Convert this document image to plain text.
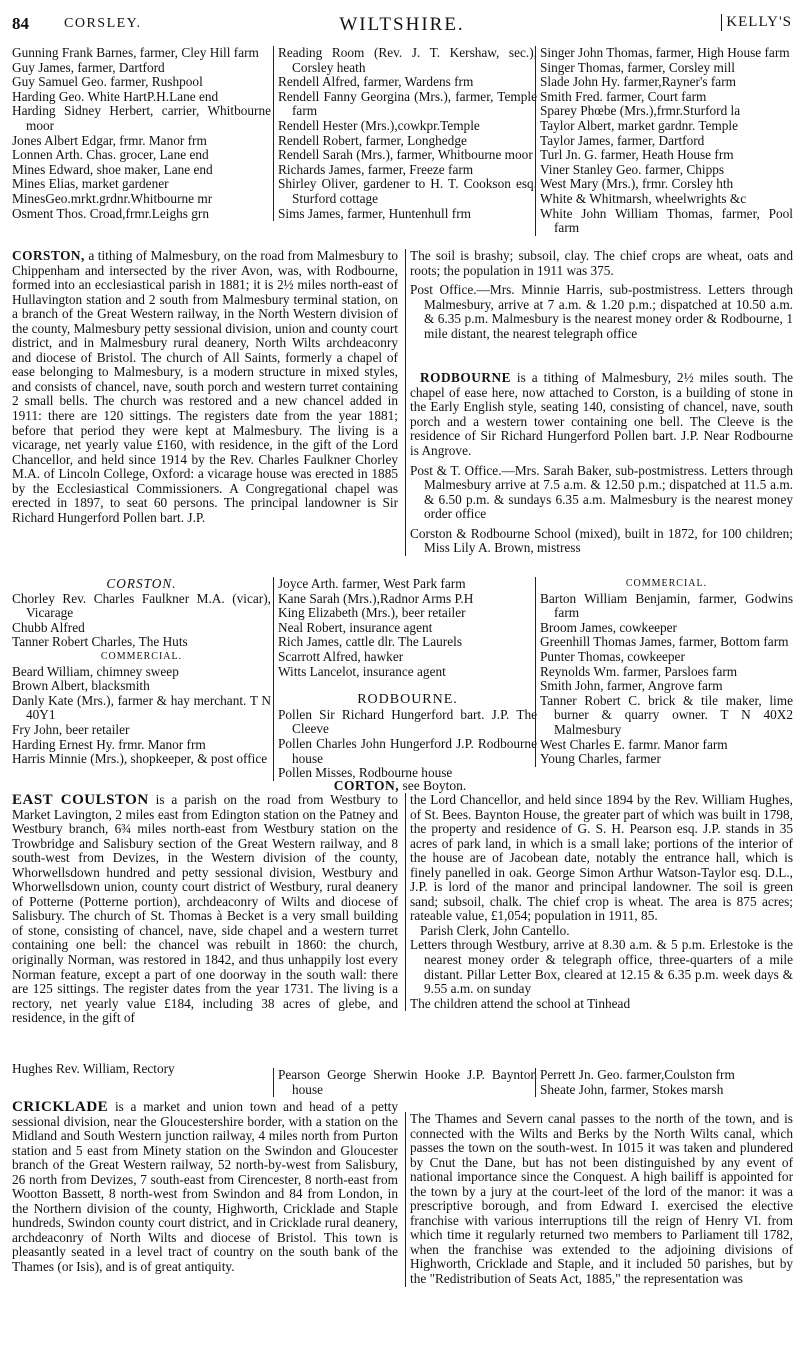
84	CORSLEY.	WILTSHIRE.	KELLY'S
Gunning Frank Barnes, farmer, Cley Hill farm
Guy James, farmer, Dartford
Guy Samuel Geo. farmer, Rushpool
Harding Geo. White HartP.H.Lane end
Harding Sidney Herbert, carrier, Whitbourne moor
Jones Albert Edgar, frmr. Manor frm
Lonnen Arth. Chas. grocer, Lane end
Mines Edward, shoe maker, Lane end
Mines Elias, market gardener
MinesGeo.mrkt.grdnr.Whitbourne mr
Osment Thos. Croad,frmr.Leighs grn
Reading Room (Rev. J. T. Kershaw, sec.), Corsley heath
Rendell Alfred, farmer, Wardens frm
Rendell Fanny Georgina (Mrs.), farmer, Temple farm
Rendell Hester (Mrs.),cowkpr.Temple
Rendell Robert, farmer, Longhedge
Rendell Sarah (Mrs.), farmer, Whitbourne moor
Richards James, farmer, Freeze farm
Shirley Oliver, gardener to H. T. Cookson esq. Sturford cottage
Sims James, farmer, Huntenhull frm
Singer John Thomas, farmer, High House farm
Singer Thomas, farmer, Corsley mill
Slade John Hy. farmer,Rayner's farm
Smith Fred. farmer, Court farm
Sparey Phœbe (Mrs.),frmr.Sturford la
Taylor Albert, market gardnr. Temple
Taylor James, farmer, Dartford
Turl Jn. G. farmer, Heath House frm
Viner Stanley Geo. farmer, Chipps
West Mary (Mrs.), frmr. Corsley hth
White & Whitmarsh, wheelwrights &c
White John William Thomas, farmer, Pool farm

CORSTON, a tithing of Malmesbury, on the road from Malmesbury to Chippenham and intersected by the river Avon, was, with Rodbourne, formed into an ecclesiastical parish in 1881; it is 2½ miles north-east of Hullavington station and 2 south from Malmesbury terminal station, on a branch of the Great Western railway, in the North Western division of the county, Malmesbury petty sessional division, union and county court district, and in Malmesbury rural deanery, North Wilts archdeaconry and diocese of Bristol. The church of All Saints, formerly a chapel of ease belonging to Malmesbury, is a modern structure in mixed styles, and consists of chancel, nave, south porch and western turret containing 2 small bells. The church was restored and a new chancel added in 1911: there are 120 sittings. The registers date from the year 1881; before that period they were kept at Malmesbury. The living is a vicarage, net yearly value £160, with residence, in the gift of the Lord Chancellor, and held since 1914 by the Rev. Charles Faulkner Chorley M.A. of Lincoln College, Oxford: a vicarage house was erected in 1885 by the Ecclesiastical Commissioners. A Congregational chapel was erected in 1897, to seat 60 persons. The principal landowner is Sir Richard Hungerford Pollen bart. J.P.

The soil is brashy; subsoil, clay. The chief crops are wheat, oats and roots; the population in 1911 was 375.

Post Office.—Mrs. Minnie Harris, sub-postmistress. Letters through Malmesbury, arrive at 7 a.m. & 1.20 p.m.; dispatched at 10.50 a.m. & 6.35 p.m. Malmesbury is the nearest money order & Rodbourne, 1 mile distant, the nearest telegraph office

RODBOURNE is a tithing of Malmesbury, 2½ miles south. The chapel of ease here, now attached to Corston, is a building of stone in the Early English style, seating 140, consisting of chancel, nave, south porch and a western tower containing one bell. The Cleeve is the residence of Sir Richard Hungerford Pollen bart. J.P. Near Rodbourne is Angrove.

Post & T. Office.—Mrs. Sarah Baker, sub-postmistress. Letters through Malmesbury arrive at 7.5 a.m. & 12.50 p.m.; dispatched at 11.5 a.m. & 6.50 p.m. & sundays 6.35 a.m. Malmesbury is the nearest money order office

Corston & Rodbourne School (mixed), built in 1872, for 100 children; Miss Lily A. Brown, mistress

CORSTON.
Chorley Rev. Charles Faulkner M.A. (vicar), Vicarage
Chubb Alfred
Tanner Robert Charles, The Huts
COMMERCIAL.
Beard William, chimney sweep
Brown Albert, blacksmith
Danly Kate (Mrs.), farmer & hay merchant. T N 40Y1
Fry John, beer retailer
Harding Ernest Hy. frmr. Manor frm
Harris Minnie (Mrs.), shopkeeper, & post office
Joyce Arth. farmer, West Park farm
Kane Sarah (Mrs.),Radnor Arms P.H
King Elizabeth (Mrs.), beer retailer
Neal Robert, insurance agent
Rich James, cattle dlr. The Laurels
Scarrott Alfred, hawker
Witts Lancelot, insurance agent
RODBOURNE.
Pollen Sir Richard Hungerford bart. J.P. The Cleeve
Pollen Charles John Hungerford J.P. Rodbourne house
Pollen Misses, Rodbourne house
COMMERCIAL.
Barton William Benjamin, farmer, Godwins farm
Broom James, cowkeeper
Greenhill Thomas James, farmer, Bottom farm
Punter Thomas, cowkeeper
Reynolds Wm. farmer, Parsloes farm
Smith John, farmer, Angrove farm
Tanner Robert C. brick & tile maker, lime burner & quarry owner. T N 40X2 Malmesbury
West Charles E. farmr. Manor farm
Young Charles, farmer
CORTON, see Boyton.

EAST COULSTON is a parish on the road from Westbury to Market Lavington, 2 miles east from Edington station on the Patney and Westbury branch, 6¾ miles north-east from Westbury station on the Trowbridge and Salisbury section of the Great Western railway, and 8 south-west from Devizes, in the Western division of the county, Whorwellsdown hundred and petty sessional division, Westbury and Whorwellsdown union, county court district of Westbury, rural deanery of Potterne (Potterne portion), archdeaconry of Wilts and diocese of Salisbury. The church of St. Thomas à Becket is a very small building of stone, consisting of chancel, nave, side chapel and a western turret containing one bell: the chancel was rebuilt in 1860: the church, originally Norman, was restored in 1842, and thus unhappily lost every Norman feature, except a part of one doorway in the south wall: there are 125 sittings. The register dates from the year 1731. The living is a rectory, net yearly value £184, including 38 acres of glebe, and residence, in the gift of

the Lord Chancellor, and held since 1894 by the Rev. William Hughes, of St. Bees. Baynton House, the greater part of which was built in 1798, the property and residence of G. S. H. Pearson esq. J.P. stands in 35 acres of park land, in which is a small lake; portions of the interior of the house are of Jacobean date, notably the entrance hall, which is finely panelled in oak. George Simon Arthur Watson-Taylor esq. D.L., J.P. is lord of the manor and principal landowner. The soil is green sand; subsoil, chalk. The chief crop is wheat. The area is 875 acres; rateable value, £1,054; population in 1911, 85.

Parish Clerk, John Cantello.

Letters through Westbury, arrive at 8.30 a.m. & 5 p.m. Erlestoke is the nearest money order & telegraph office, three-quarters of a mile distant. Pillar Letter Box, cleared at 12.15 & 6.35 p.m. week days & 9.55 a.m. on sunday

The children attend the school at Tinhead

Hughes Rev. William, Rectory	Pearson George Sherwin Hooke J.P. Baynton house
Perrett Jn. Geo. farmer,Coulston frm
Sheate John, farmer, Stokes marsh

CRICKLADE is a market and union town and head of a petty sessional division, near the Gloucestershire border, with a station on the Midland and South Western junction railway, 4 miles north from Purton station and 5 east from Minety station on the Swindon and Gloucester branch of the Great Western railway, 52 north-by-west from Salisbury, 26 north from Devizes, 7 south-east from Cirencester, 8 north-east from Wootton Bassett, 8 north-west from Swindon and 84 from London, in the Northern division of the county, Highworth, Cricklade and Staple hundreds, Swindon county court district, and in Cricklade rural deanery, archdeaconry of North Wilts and diocese of Bristol. This town is pleasantly seated in a level tract of country on the south bank of the Thames (or Isis), and is of great antiquity.

The Thames and Severn canal passes to the north of the town, and is connected with the Wilts and Berks by the North Wilts canal, which passes the town on the south-west. In 1015 it was taken and plundered by Cnut the Dane, but has not been distinguished by any event of national importance since the Conquest. A high bailiff is appointed for the town by a jury at the court-leet of the lord of the manor: it was a prescriptive borough, and from Edward I. exercised the elective franchise with various interruptions till the reign of Henry VI. from which time it regularly returned two members to Parliament till 1782, when the franchise was extended to the adjoining divisions of Highworth, Cricklade and Staple, and it included 50 parishes, but by the "Redistribution of Seats Act, 1885," the representation was
